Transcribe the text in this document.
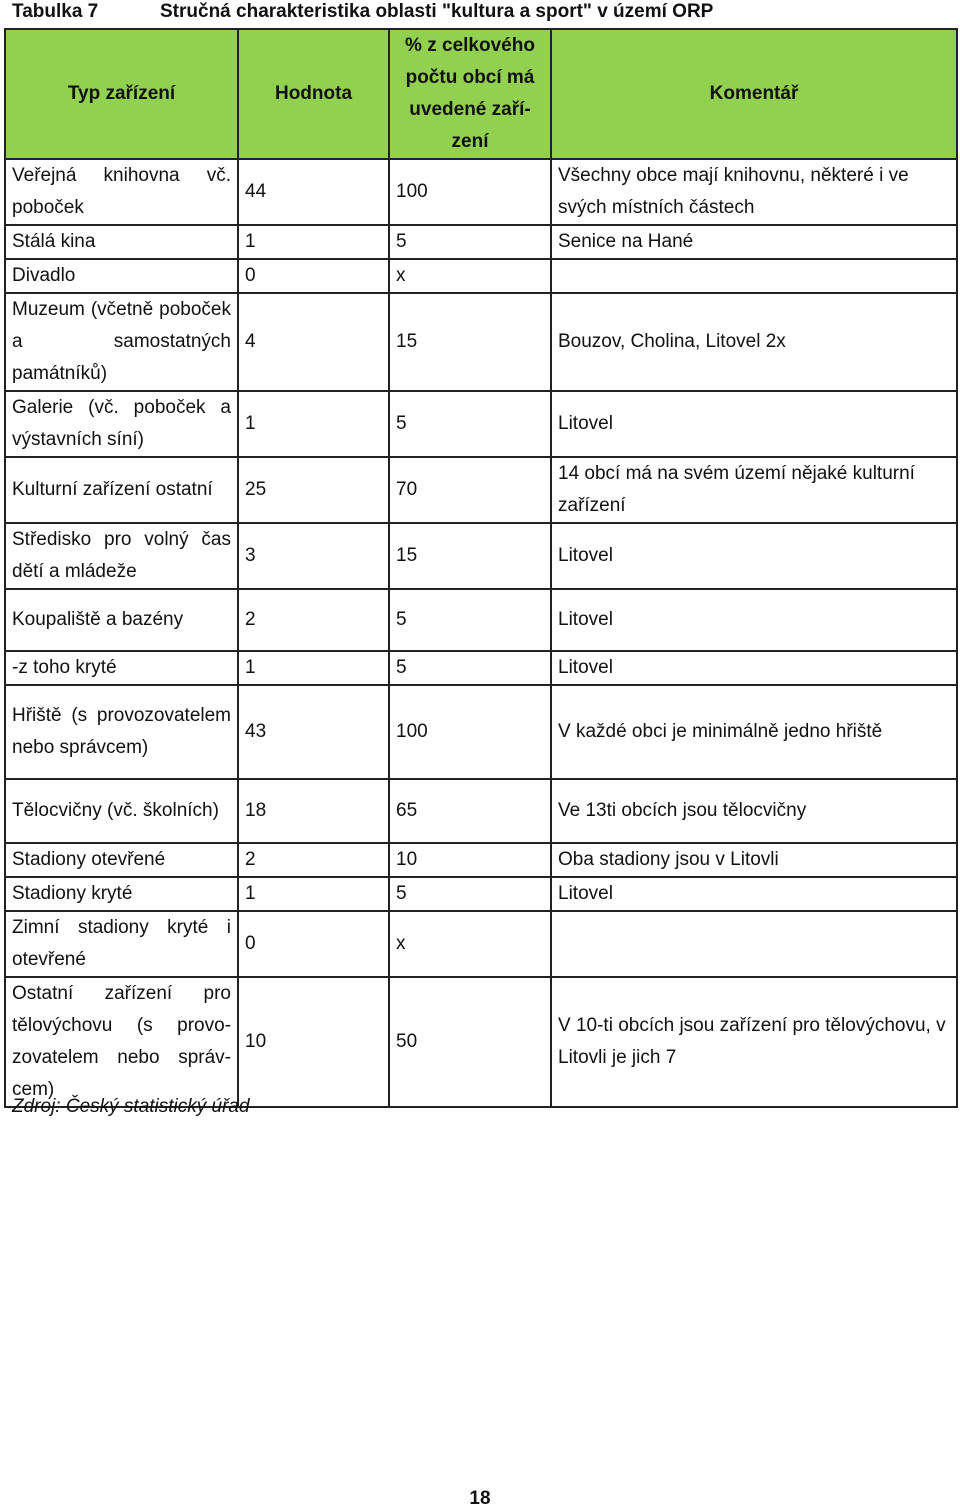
Tabulka 7	Stručná charakteristika oblasti "kultura a sport" v území ORP
Typ zařízení	Hodnota	% z celkového počtu obcí má uvedené zařízení	Komentář
Veřejná knihovna vč. poboček	44	100	Všechny obce mají knihovnu, některé i ve svých místních částech
Stálá kina	1	5	Senice na Hané
Divadlo	0	x	
Muzeum (včetně poboček a samostatných památníků)	4	15	Bouzov, Cholina, Litovel 2x
Galerie (vč. poboček a výstavních síní)	1	5	Litovel
Kulturní zařízení ostatní	25	70	14 obcí má na svém území nějaké kulturní zařízení
Středisko pro volný čas dětí a mládeže	3	15	Litovel
Koupaliště a bazény	2	5	Litovel
-z toho kryté	1	5	Litovel
Hřiště (s provozovatelem nebo správcem)	43	100	V každé obci je minimálně jedno hřiště
Tělocvičny (vč. školních)	18	65	Ve 13ti obcích jsou tělocvičny
Stadiony otevřené	2	10	Oba stadiony jsou v Litovli
Stadiony kryté	1	5	Litovel
Zimní stadiony kryté i otevřené	0	x	
Ostatní zařízení pro tělovýchovu (s provozovatelem nebo správcem)	10	50	V 10-ti obcích jsou zařízení pro tělovýchovu, v Litovli je jich 7
Zdroj: Český statistický úřad
18
